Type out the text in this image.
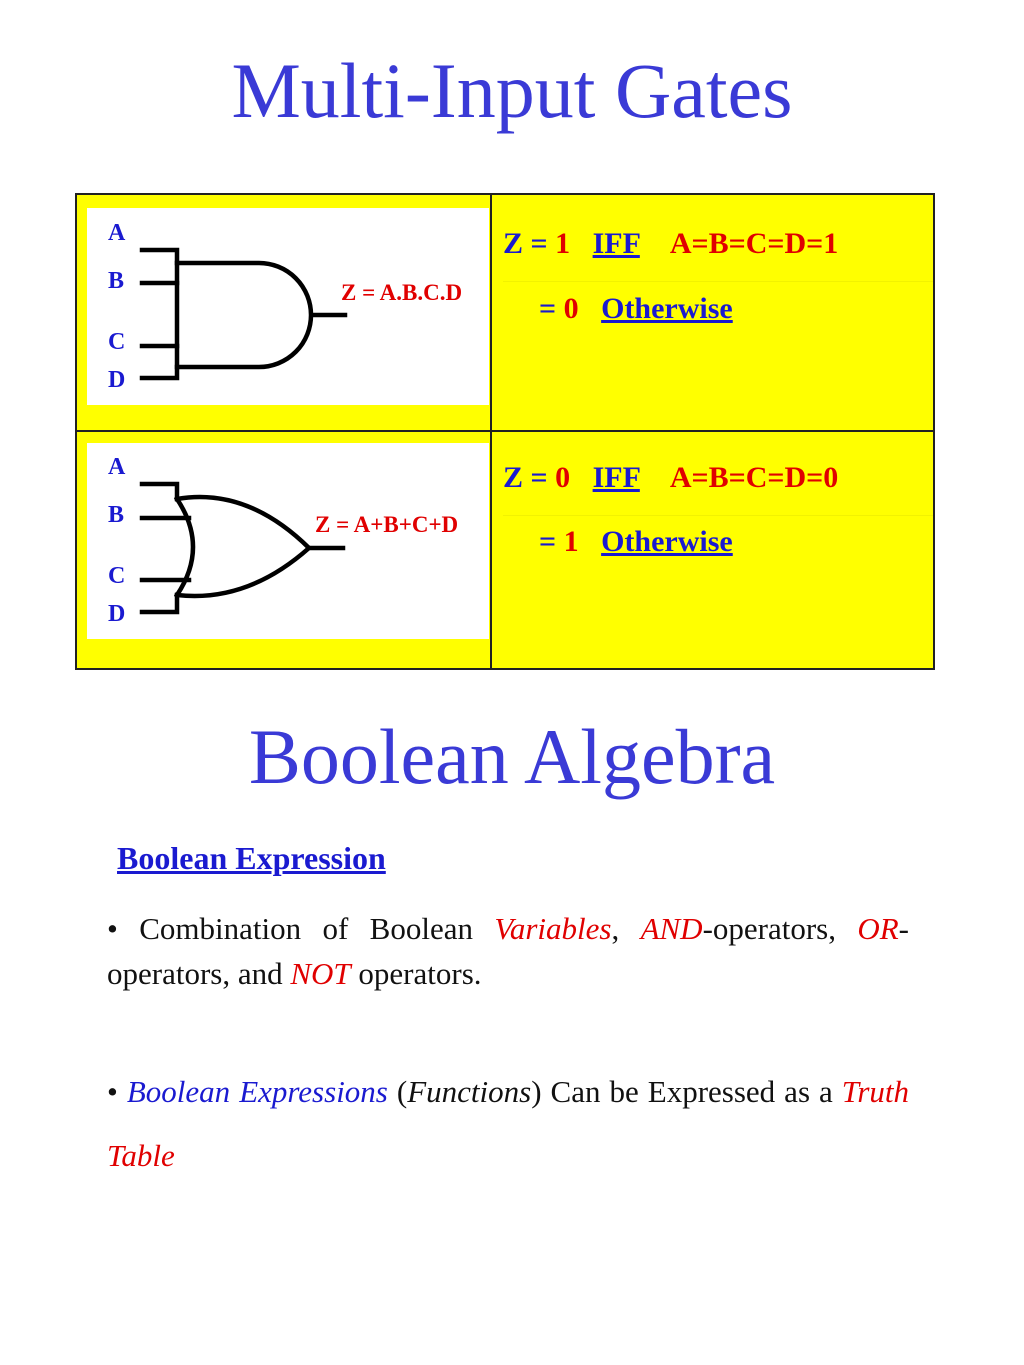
Multi-Input Gates
A
B
C
D
Z = A.B.C.D
Z = 1 IFF A=B=C=D=1
= 0 Otherwise
A
B
C
D
Z = A+B+C+D
Z = 0 IFF A=B=C=D=0
= 1 Otherwise
Boolean Algebra
Boolean Expression

• Combination of Boolean Variables, AND-operators, OR-operators, and NOT operators.

• Boolean Expressions (Functions) Can be Expressed as a Truth Table
